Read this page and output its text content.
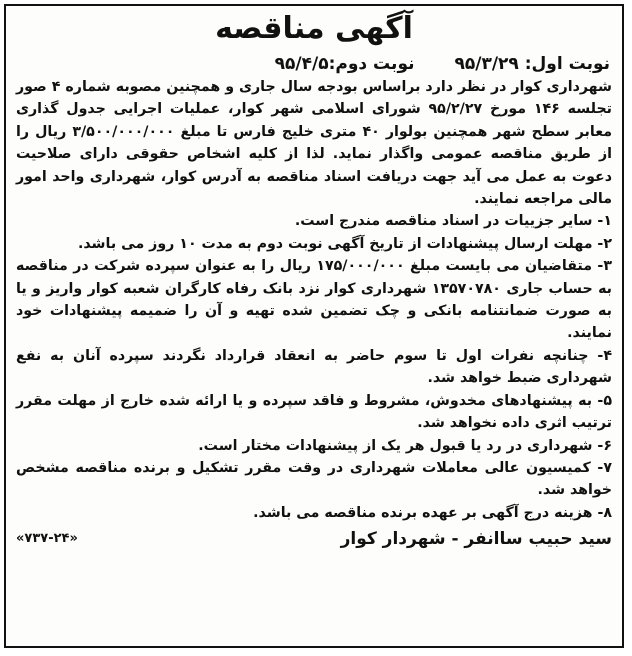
آگهی مناقصه
نوبت اول: ۹۵/۳/۲۹
نوبت دوم:۹۵/۴/۵

شهرداری کوار در نظر دارد براساس بودجه سال جاری و همچنین مصوبه شماره ۴ صور تجلسه ۱۴۶ مورخ ۹۵/۲/۲۷ شورای اسلامی شهر کوار، عملیات اجرایی جدول گذاری معابر سطح شهر همچنین بولوار ۴۰ متری خلیج فارس تا مبلغ ۳/۵۰۰/۰۰۰/۰۰۰ ریال را از طریق مناقصه عمومی واگذار نماید. لذا از کلیه اشخاص حقوقی دارای صلاحیت دعوت به عمل می آید جهت دریافت اسناد مناقصه به آدرس کوار، شهرداری واحد امور مالی مراجعه نمایند.

۱- سایر جزییات در اسناد مناقصه مندرج است.

۲- مهلت ارسال پیشنهادات از تاریخ آگهی نوبت دوم به مدت ۱۰ روز می باشد.

۳- متقاضیان می بایست مبلغ ۱۷۵/۰۰۰/۰۰۰ ریال را به عنوان سپرده شرکت در مناقصه به حساب جاری ۱۳۵۷۰۷۸۰ شهرداری کوار نزد بانک رفاه کارگران شعبه کوار واریز و یا به صورت ضمانتنامه بانکی و چک تضمین شده تهیه و آن را ضمیمه پیشنهادات خود نمایند.

۴- چنانچه نفرات اول تا سوم حاضر به انعقاد قرارداد نگردند سپرده آنان به نفع شهرداری ضبط خواهد شد.

۵- به پیشنهادهای مخدوش، مشروط و فاقد سپرده و یا ارائه شده خارج از مهلت مقرر ترتیب اثری داده نخواهد شد.

۶- شهرداری در رد یا قبول هر یک از پیشنهادات مختار است.

۷- کمیسیون عالی معاملات شهرداری در وقت مقرر تشکیل و برنده مناقصه مشخص خواهد شد.

۸- هزینه درج آگهی بر عهده برنده مناقصه می باشد.

سید حبیب ساانفر - شهردار کوار
«۷۳۷-۲۴»
